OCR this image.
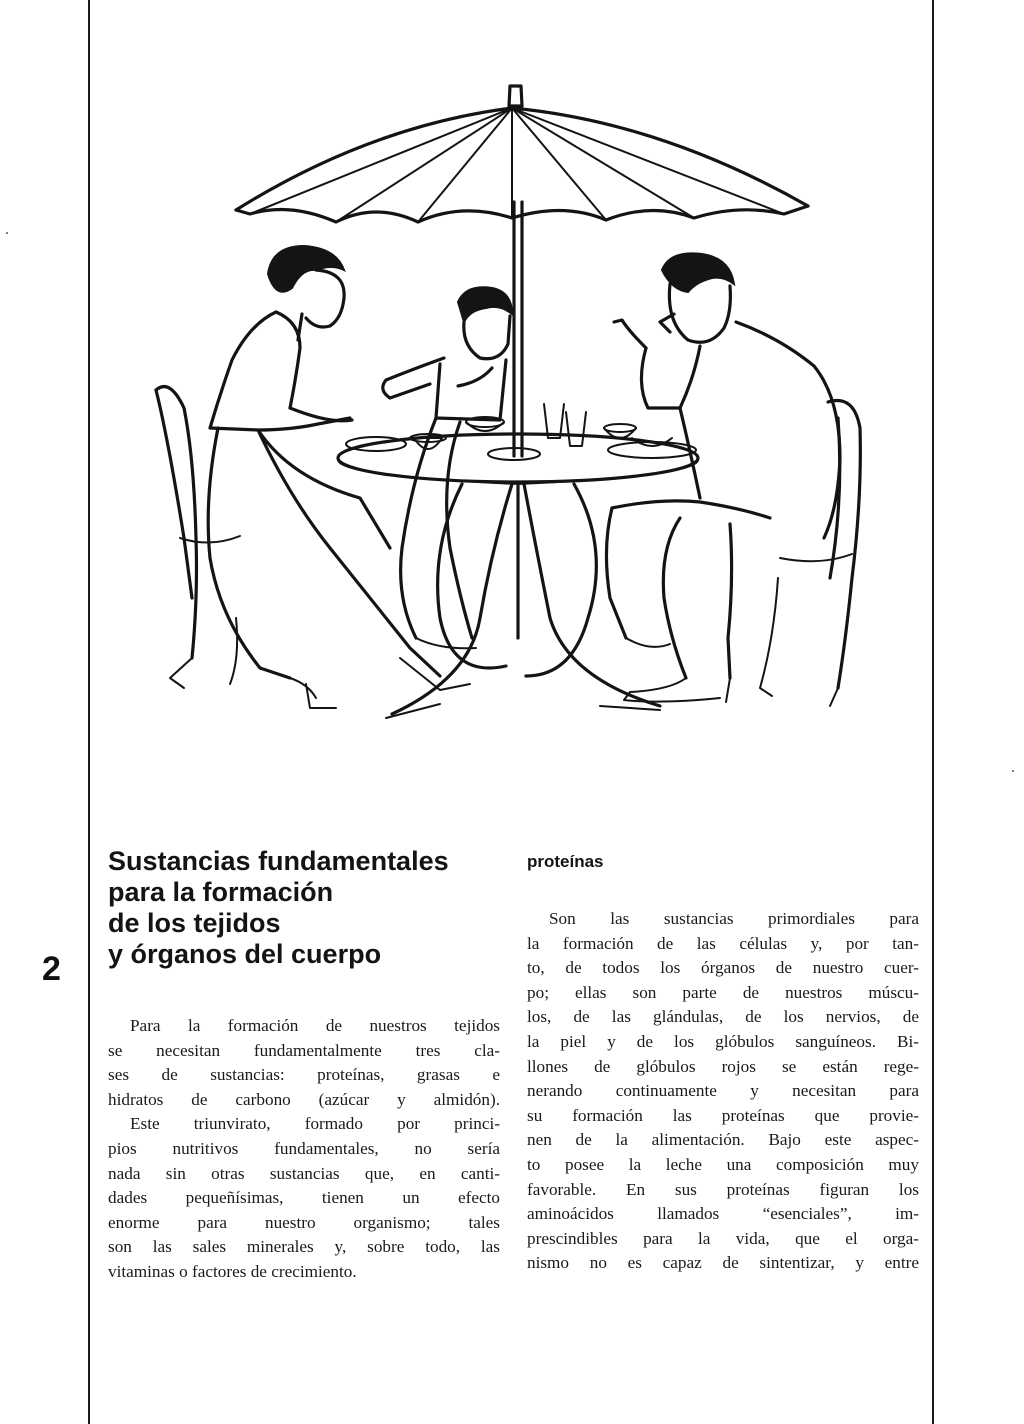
2
Sustancias fundamentales
para la formación
de los tejidos
y órganos del cuerpo
Para la formación de nuestros tejidos
se necesitan fundamentalmente tres cla-
ses de sustancias: proteínas, grasas e
hidratos de carbono (azúcar y almidón).
Este triunvirato, formado por princi-
pios nutritivos fundamentales, no sería
nada sin otras sustancias que, en canti-
dades pequeñísimas, tienen un efecto
enorme para nuestro organismo; tales
son las sales minerales y, sobre todo, las
vitaminas o factores de crecimiento.
proteínas
Son las sustancias primordiales para
la formación de las células y, por tan-
to, de todos los órganos de nuestro cuer-
po; ellas son parte de nuestros múscu-
los, de las glándulas, de los nervios, de
la piel y de los glóbulos sanguíneos. Bi-
llones de glóbulos rojos se están rege-
nerando continuamente y necesitan para
su formación las proteínas que provie-
nen de la alimentación. Bajo este aspec-
to posee la leche una composición muy
favorable. En sus proteínas figuran los
aminoácidos llamados “esenciales”, im-
prescindibles para la vida, que el orga-
nismo no es capaz de sintentizar, y entre
